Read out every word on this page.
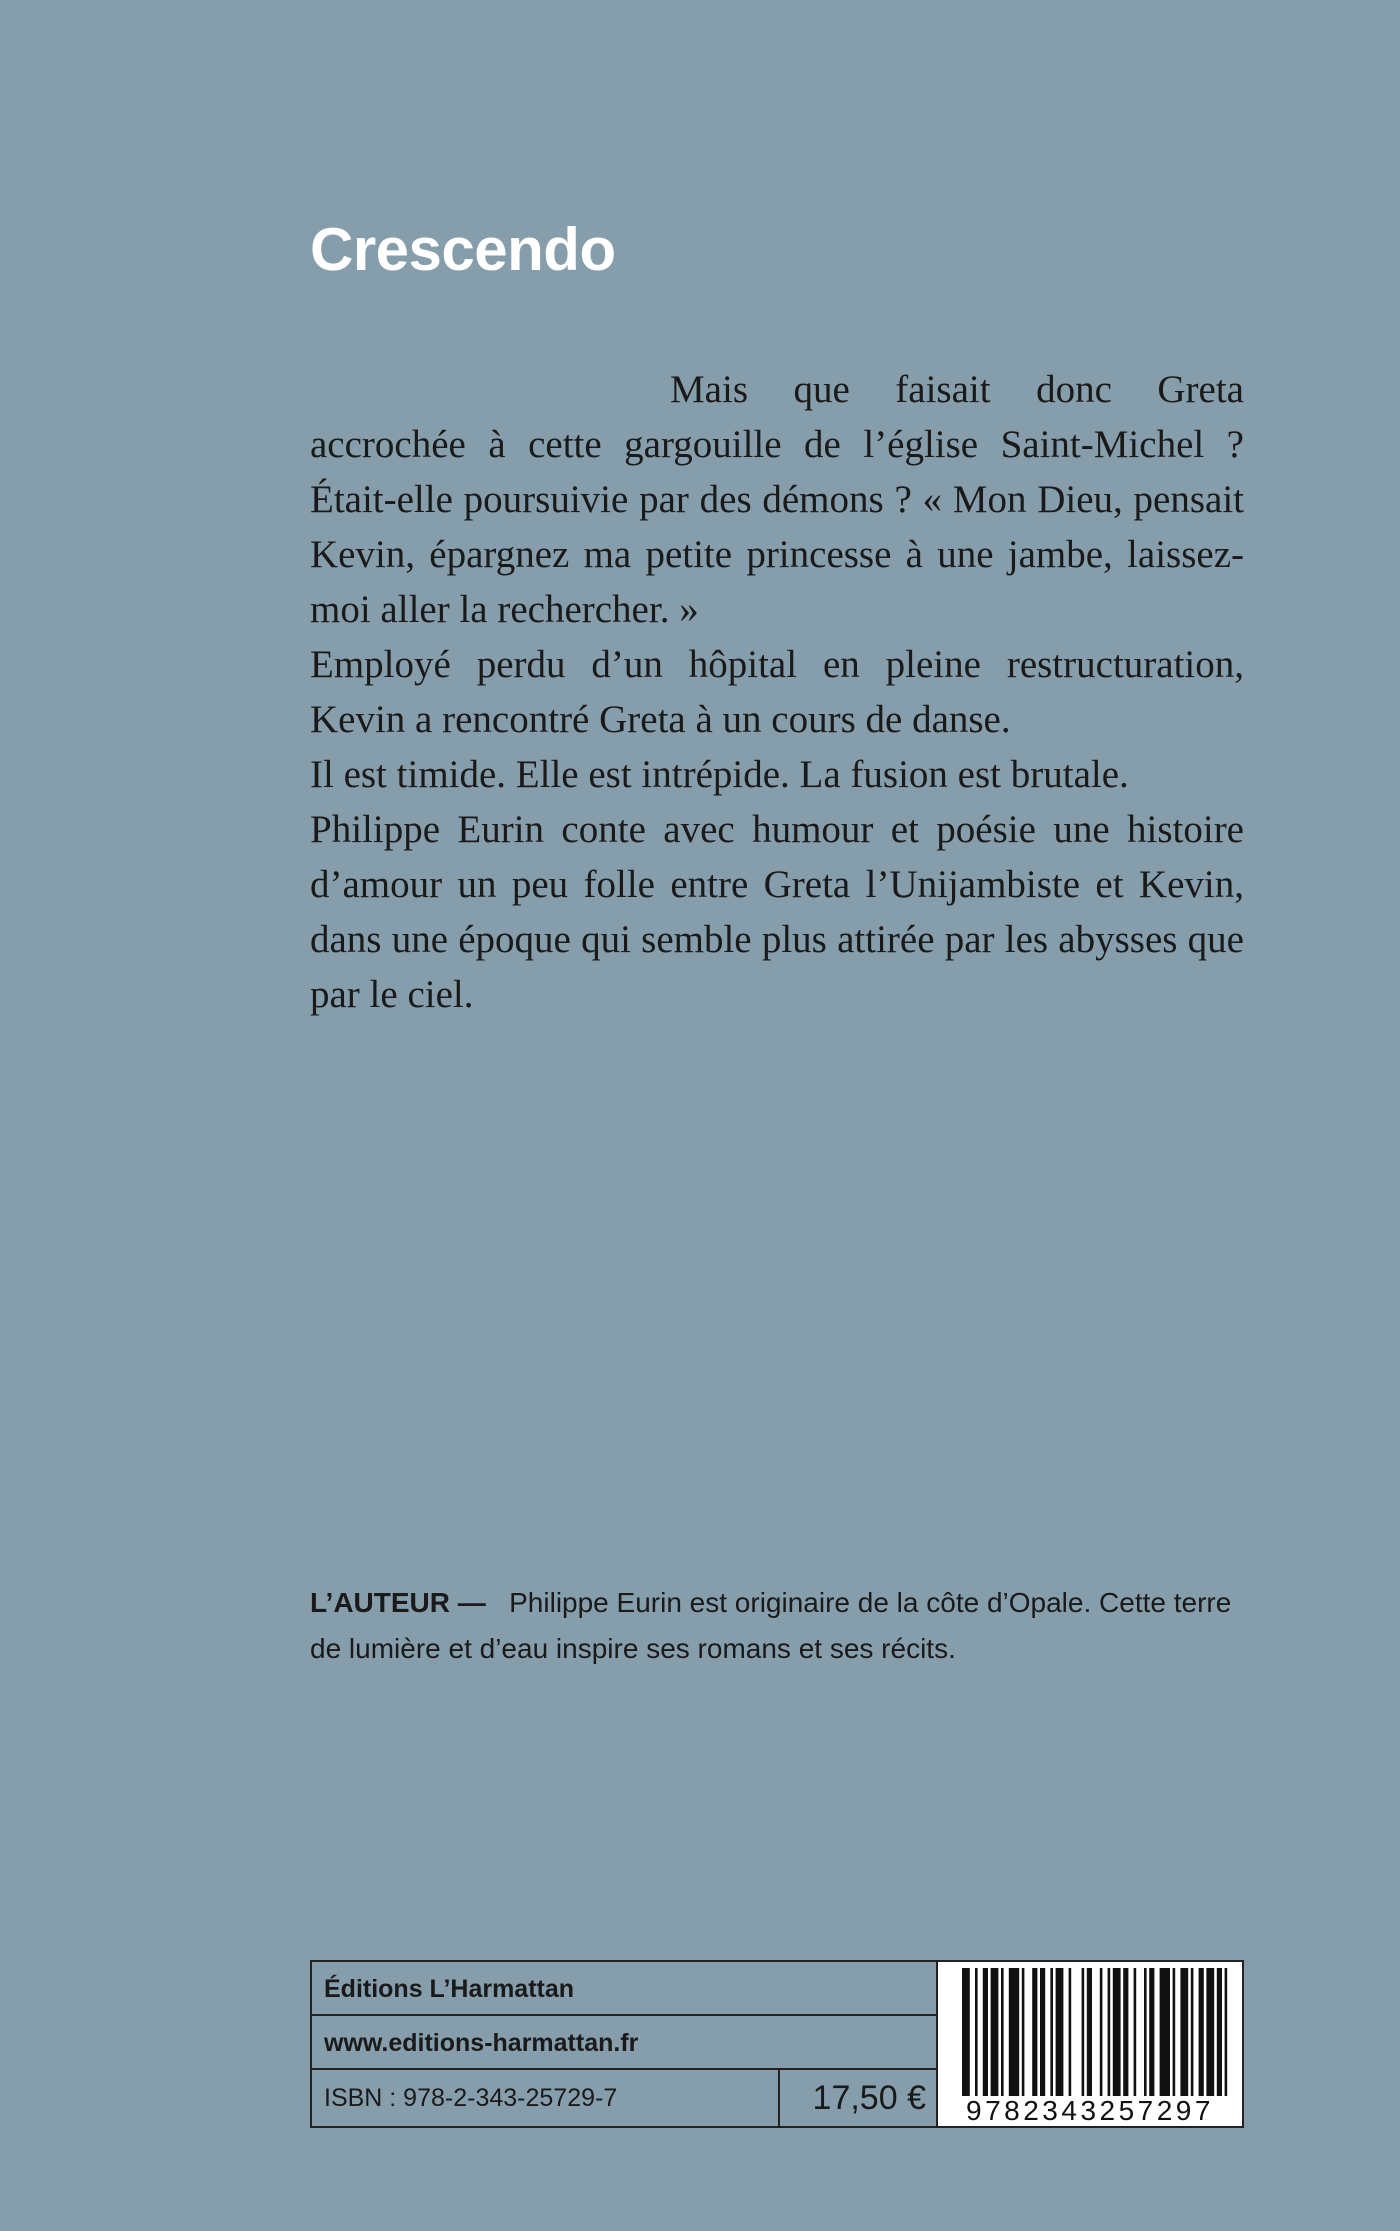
Crescendo

Mais que faisait donc Greta accrochée à cette gargouille de l’église Saint-Michel ? Était-elle poursuivie par des démons ? « Mon Dieu, pensait Kevin, épargnez ma petite princesse à une jambe, laissez-moi aller la rechercher. »

Employé perdu d’un hôpital en pleine restructuration, Kevin a rencontré Greta à un cours de danse.

Il est timide. Elle est intrépide. La fusion est brutale.

Philippe Eurin conte avec humour et poésie une histoire d’amour un peu folle entre Greta l’Unijambiste et Kevin, dans une époque qui semble plus attirée par les abysses que par le ciel.

L’AUTEUR — Philippe Eurin est originaire de la côte d’Opale. Cette terre de lumière et d’eau inspire ses romans et ses récits.

Éditions L’Harmattan
www.editions-harmattan.fr
ISBN : 978-2-343-25729-7	17,50 €	9782343257297
